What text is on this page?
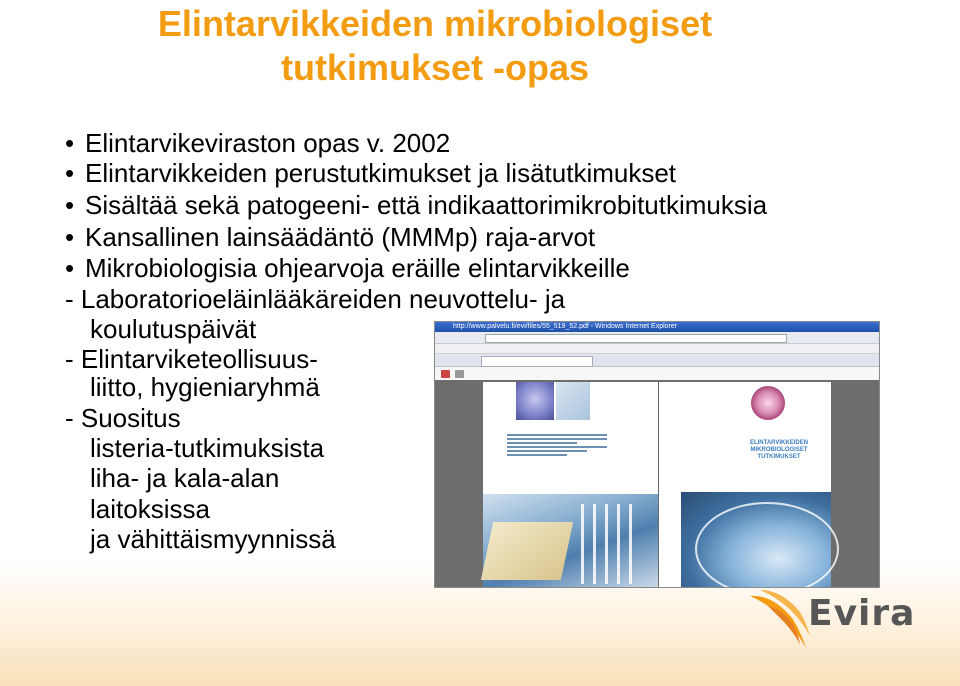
Elintarvikkeiden mikrobiologiset
tutkimukset -opas
• Elintarvikeviraston opas v. 2002
• Elintarvikkeiden perustutkimukset ja lisätutkimukset
• Sisältää sekä patogeeni- että indikaattorimikrobitutkimuksia
• Kansallinen lainsäädäntö (MMMp) raja-arvot
• Mikrobiologisia ohjearvoja eräille elintarvikkeille
- Laboratorioeläinlääkäreiden neuvottelu- ja
koulutuspäivät
- Elintarviketeollisuus-
liitto, hygieniaryhmä
- Suositus
listeria-tutkimuksista
liha- ja kala-alan
laitoksissa
ja vähittäismyynnissä
http://www.palvelu.fi/evi/files/55_519_52.pdf - Windows Internet Explorer
ELINTARVIKKEIDEN MIKROBIOLOGISET TUTKIMUKSET
Evira
